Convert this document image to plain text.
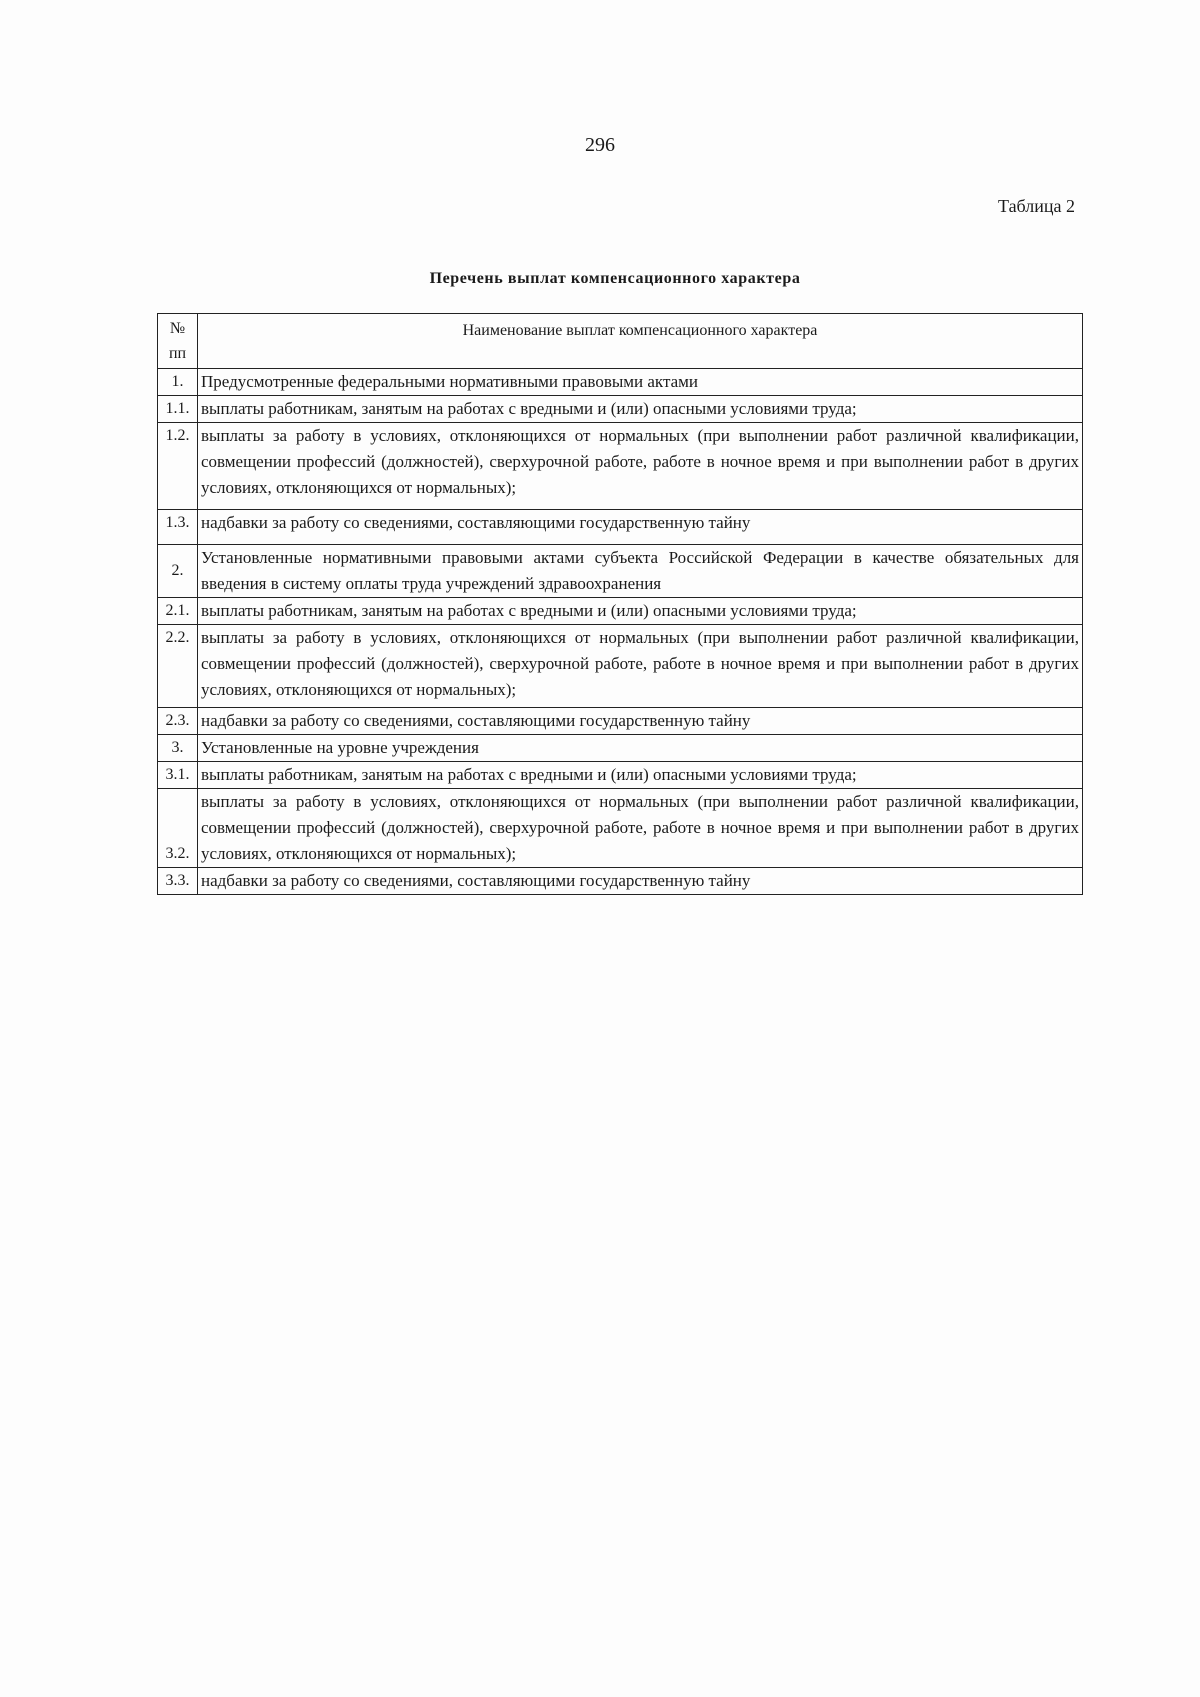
296
Таблица 2
Перечень выплат компенсационного характера
№ пп	Наименование выплат компенсационного характера
1.	Предусмотренные федеральными нормативными правовыми актами
1.1.	выплаты работникам, занятым на работах с вредными и (или) опасными условиями труда;
1.2.	выплаты за работу в условиях, отклоняющихся от нормальных (при выполнении работ различной квалификации, совмещении профессий (должностей), сверхурочной работе, работе в ночное время и при выполнении работ в других условиях, отклоняющихся от нормальных);
1.3.	надбавки за работу со сведениями, составляющими государственную тайну
2.	Установленные нормативными правовыми актами субъекта Российской Федерации в качестве обязательных для введения в систему оплаты труда учреждений здравоохранения
2.1.	выплаты работникам, занятым на работах с вредными и (или) опасными условиями труда;
2.2.	выплаты за работу в условиях, отклоняющихся от нормальных (при выполнении работ различной квалификации, совмещении профессий (должностей), сверхурочной работе, работе в ночное время и при выполнении работ в других условиях, отклоняющихся от нормальных);
2.3.	надбавки за работу со сведениями, составляющими государственную тайну
3.	Установленные на уровне учреждения
3.1.	выплаты работникам, занятым на работах с вредными и (или) опасными условиями труда;
3.2.	выплаты за работу в условиях, отклоняющихся от нормальных (при выполнении работ различной квалификации, совмещении профессий (должностей), сверхурочной работе, работе в ночное время и при выполнении работ в других условиях, отклоняющихся от нормальных);
3.3.	надбавки за работу со сведениями, составляющими государственную тайну
